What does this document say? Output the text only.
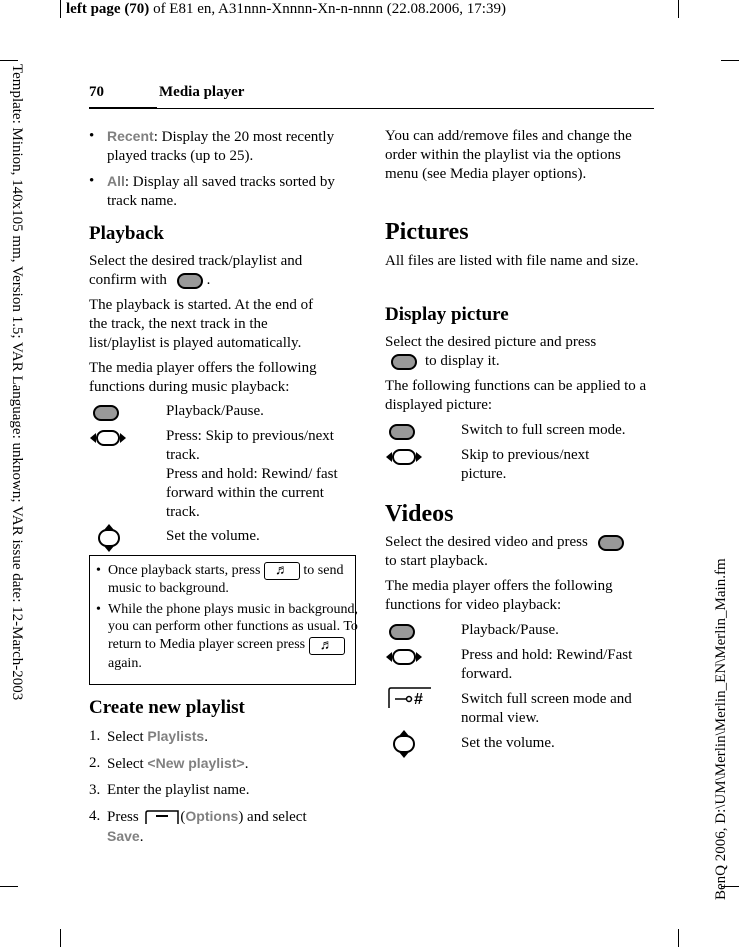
left page (70) of E81 en, A31nnn-Xnnnn-Xn-n-nnnn (22.08.2006, 17:39)
Template: Minion, 140x105 mm, Version 1.5; VAR Language: unknown; VAR issue date: 12-March-2003
BenQ 2006, D:\UM\Merlin\Merlin_EN\Merlin_Main.fm
70	Media player
• Recent: Display the 20 most recently played tracks (up to 25).
• All: Display all saved tracks sorted by track name.
Playback
Select the desired track/playlist and confirm with	.
The playback is started. At the end of the track, the next track in the list/playlist is played automatically.
The media player offers the following functions during music playback:
Playback/Pause.
Press: Skip to previous/next track.
Press and hold: Rewind/ fast forward within the current track.
Set the volume.
• Once playback starts, press ♬ to send music to background.
• While the phone plays music in background, you can perform other functions as usual. To return to Media player screen press ♬ again.
Create new playlist
1. Select Playlists.
2. Select <New playlist>.
3. Enter the playlist name.
4. Press	(Options) and select
Save.
You can add/remove files and change the order within the playlist via the options menu (see Media player options).
Pictures
All files are listed with file name and size.
Display picture
Select the desired picture and press
to display it.
The following functions can be applied to a displayed picture:
Switch to full screen mode.
Skip to previous/next picture.
Videos
Select the desired video and press
to start playback.
The media player offers the following functions for video playback:
Playback/Pause.
Press and hold: Rewind/Fast forward.
#	Switch full screen mode and normal view.
Set the volume.
